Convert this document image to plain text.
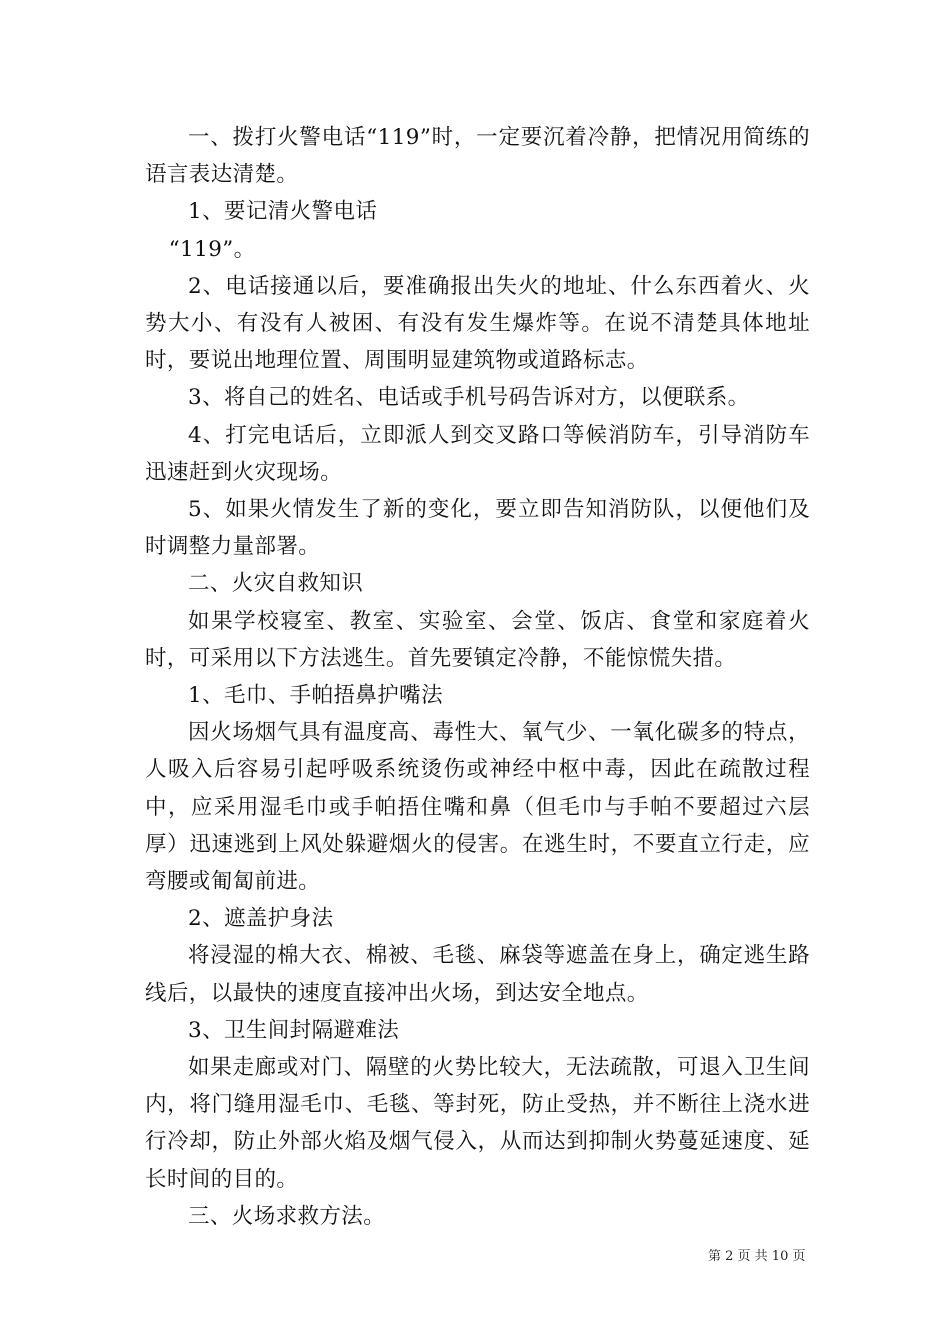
一、拨打火警电话“119”时，一定要沉着冷静，把情况用简练的语言表达清楚。

1、要记清火警电话

“119”。

2、电话接通以后，要准确报出失火的地址、什么东西着火、火势大小、有没有人被困、有没有发生爆炸等。在说不清楚具体地址时，要说出地理位置、周围明显建筑物或道路标志。

3、将自己的姓名、电话或手机号码告诉对方，以便联系。

4、打完电话后，立即派人到交叉路口等候消防车，引导消防车迅速赶到火灾现场。

5、如果火情发生了新的变化，要立即告知消防队，以便他们及时调整力量部署。

二、火灾自救知识

如果学校寝室、教室、实验室、会堂、饭店、食堂和家庭着火时，可采用以下方法逃生。首先要镇定冷静，不能惊慌失措。

1、毛巾、手帕捂鼻护嘴法

因火场烟气具有温度高、毒性大、氧气少、一氧化碳多的特点，人吸入后容易引起呼吸系统烫伤或神经中枢中毒，因此在疏散过程中，应采用湿毛巾或手帕捂住嘴和鼻（但毛巾与手帕不要超过六层厚）迅速逃到上风处躲避烟火的侵害。在逃生时，不要直立行走，应弯腰或匍匐前进。

2、遮盖护身法

将浸湿的棉大衣、棉被、毛毯、麻袋等遮盖在身上，确定逃生路线后，以最快的速度直接冲出火场，到达安全地点。

3、卫生间封隔避难法

如果走廊或对门、隔壁的火势比较大，无法疏散，可退入卫生间内，将门缝用湿毛巾、毛毯、等封死，防止受热，并不断往上浇水进行冷却，防止外部火焰及烟气侵入，从而达到抑制火势蔓延速度、延长时间的目的。

三、火场求救方法。

第 2 页 共 10 页
